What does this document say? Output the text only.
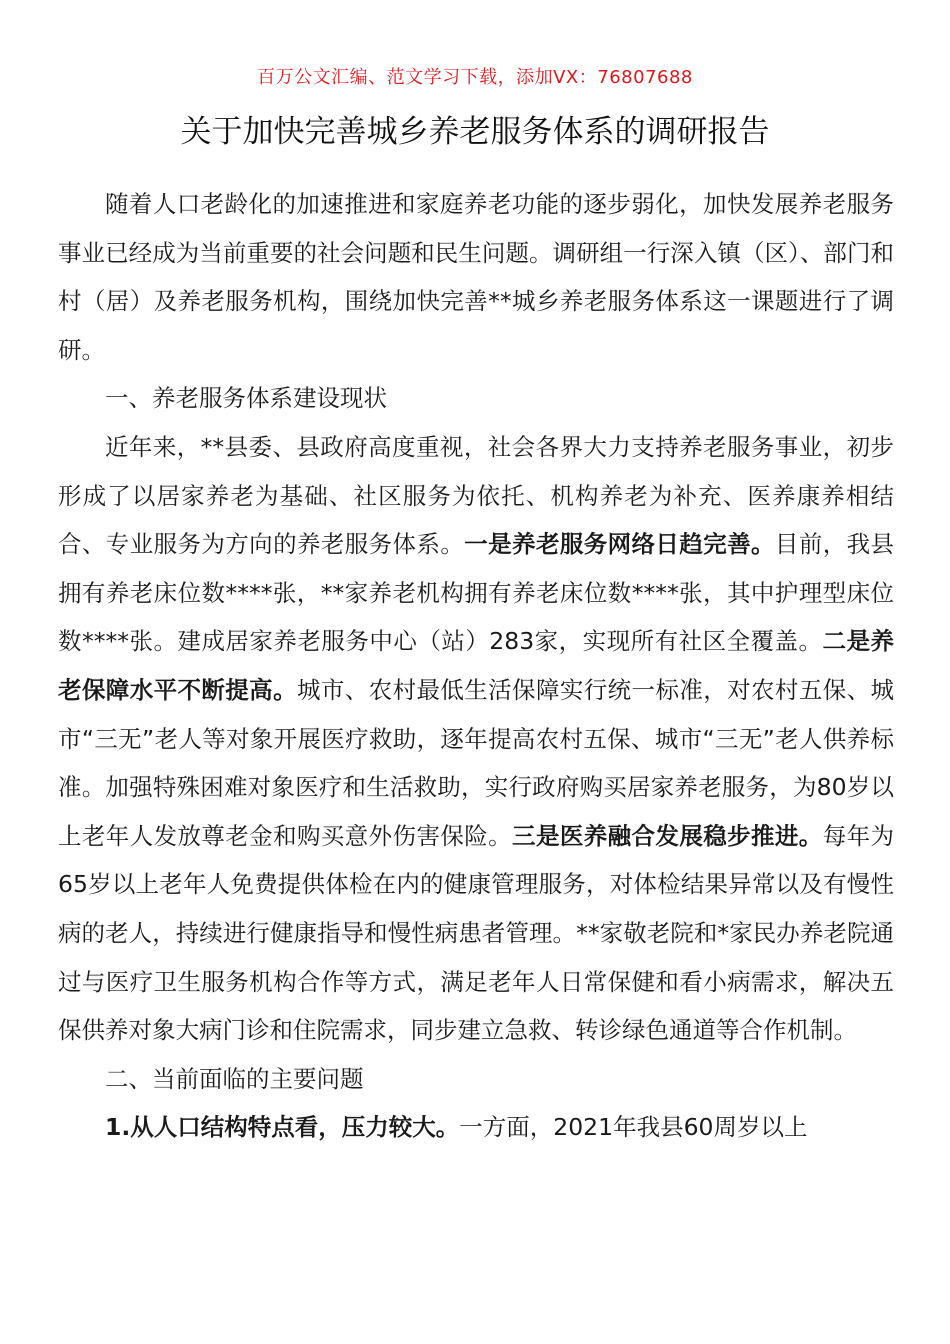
百万公文汇编、范文学习下载，添加VX：76807688
关于加快完善城乡养老服务体系的调研报告

随着人口老龄化的加速推进和家庭养老功能的逐步弱化，加快发展养老服务事业已经成为当前重要的社会问题和民生问题。调研组一行深入镇（区）、部门和村（居）及养老服务机构，围绕加快完善**城乡养老服务体系这一课题进行了调研。

一、养老服务体系建设现状

近年来，**县委、县政府高度重视，社会各界大力支持养老服务事业，初步形成了以居家养老为基础、社区服务为依托、机构养老为补充、医养康养相结合、专业服务为方向的养老服务体系。一是养老服务网络日趋完善。目前，我县拥有养老床位数****张，**家养老机构拥有养老床位数****张，其中护理型床位数****张。建成居家养老服务中心（站）283家，实现所有社区全覆盖。二是养老保障水平不断提高。城市、农村最低生活保障实行统一标准，对农村五保、城市“三无”老人等对象开展医疗救助，逐年提高农村五保、城市“三无”老人供养标准。加强特殊困难对象医疗和生活救助，实行政府购买居家养老服务，为80岁以上老年人发放尊老金和购买意外伤害保险。三是医养融合发展稳步推进。每年为65岁以上老年人免费提供体检在内的健康管理服务，对体检结果异常以及有慢性病的老人，持续进行健康指导和慢性病患者管理。**家敬老院和*家民办养老院通过与医疗卫生服务机构合作等方式，满足老年人日常保健和看小病需求，解决五保供养对象大病门诊和住院需求，同步建立急救、转诊绿色通道等合作机制。

二、当前面临的主要问题

1.从人口结构特点看，压力较大。一方面，2021年我县60周岁以上
